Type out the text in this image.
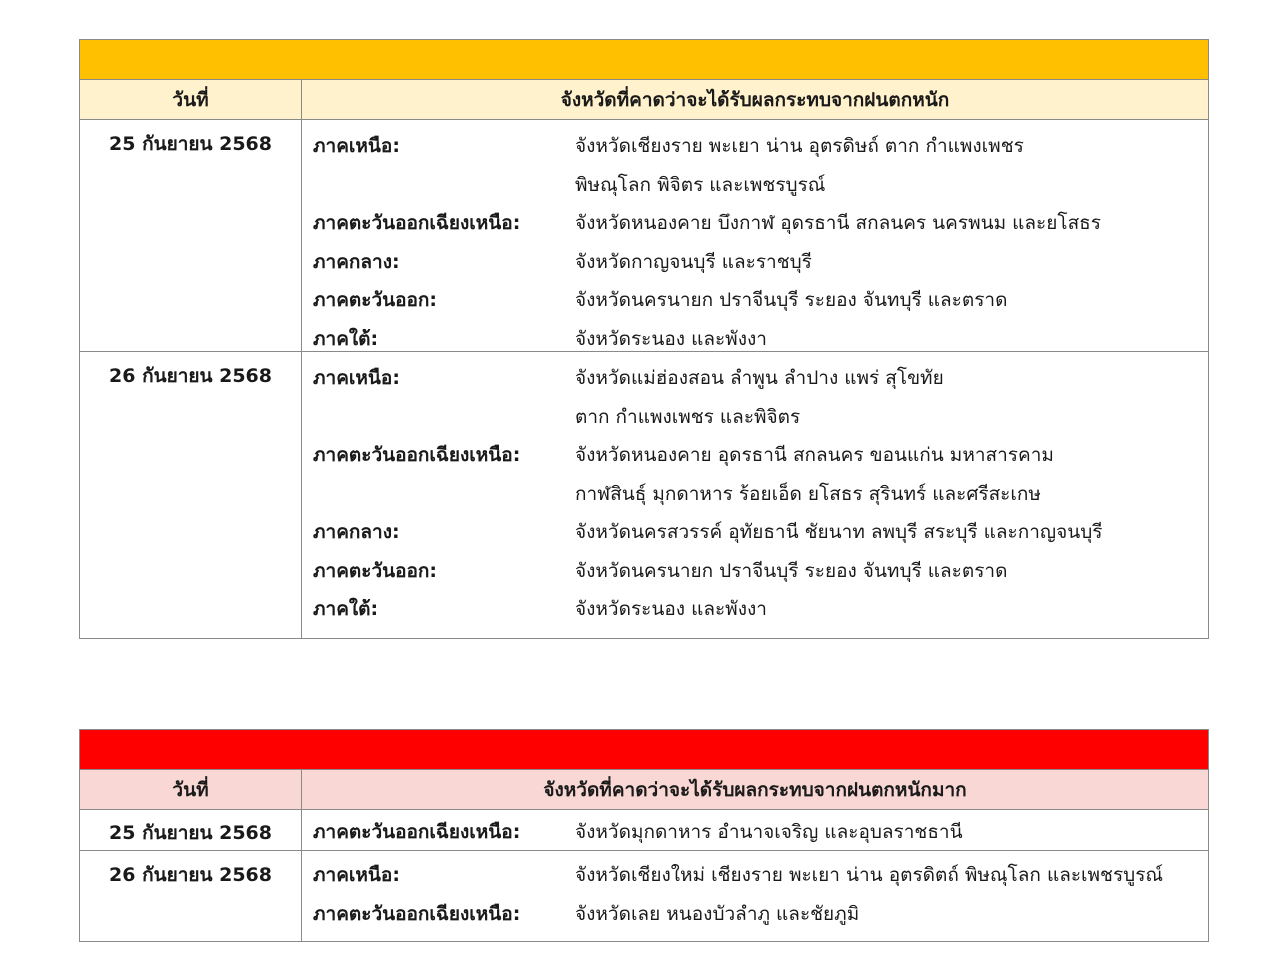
วันที่	จังหวัดที่คาดว่าจะได้รับผลกระทบจากฝนตกหนัก
25 กันยายน 2568	ภาคเหนือ:	จังหวัดเชียงราย พะเยา น่าน อุตรดิษถ์ ตาก กำแพงเพชร
พิษณุโลก พิจิตร และเพชรบูรณ์
ภาคตะวันออกเฉียงเหนือ:	จังหวัดหนองคาย บึงกาฬ อุดรธานี สกลนคร นครพนม และยโสธร
ภาคกลาง:	จังหวัดกาญจนบุรี และราชบุรี
ภาคตะวันออก:	จังหวัดนครนายก ปราจีนบุรี ระยอง จันทบุรี และตราด
ภาคใต้:	จังหวัดระนอง และพังงา
26 กันยายน 2568	ภาคเหนือ:	จังหวัดแม่ฮ่องสอน ลำพูน ลำปาง แพร่ สุโขทัย
ตาก กำแพงเพชร และพิจิตร
ภาคตะวันออกเฉียงเหนือ:	จังหวัดหนองคาย อุดรธานี สกลนคร ขอนแก่น มหาสารคาม
กาฬสินธุ์ มุกดาหาร ร้อยเอ็ด ยโสธร สุรินทร์ และศรีสะเกษ
ภาคกลาง:	จังหวัดนครสวรรค์ อุทัยธานี ชัยนาท ลพบุรี สระบุรี และกาญจนบุรี
ภาคตะวันออก:	จังหวัดนครนายก ปราจีนบุรี ระยอง จันทบุรี และตราด
ภาคใต้:	จังหวัดระนอง และพังงา
วันที่	จังหวัดที่คาดว่าจะได้รับผลกระทบจากฝนตกหนักมาก
25 กันยายน 2568	ภาคตะวันออกเฉียงเหนือ:	จังหวัดมุกดาหาร อำนาจเจริญ และอุบลราชธานี
26 กันยายน 2568	ภาคเหนือ:	จังหวัดเชียงใหม่ เชียงราย พะเยา น่าน อุตรดิตถ์ พิษณุโลก และเพชรบูรณ์
ภาคตะวันออกเฉียงเหนือ:	จังหวัดเลย หนองบัวลำภู และชัยภูมิ
